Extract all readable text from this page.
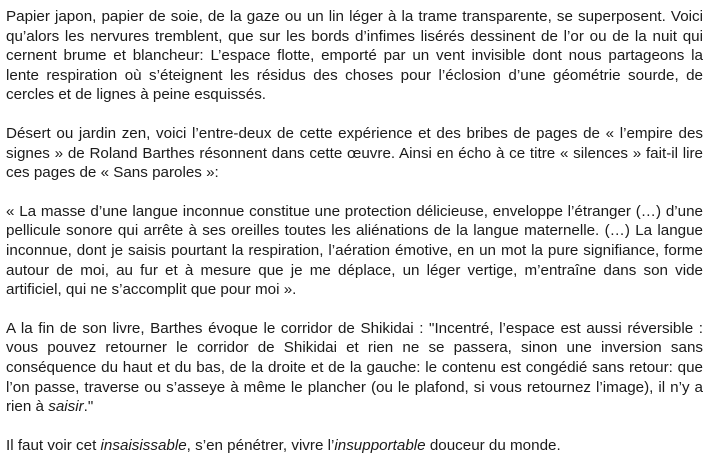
Papier japon, papier de soie, de la gaze ou un lin léger à la trame transparente, se superposent. Voici qu’alors les nervures tremblent, que sur les bords d’infimes lisérés dessinent de l’or ou de la nuit qui cernent brume et blancheur: L’espace flotte, emporté par un vent invisible dont nous partageons la lente respiration où s’éteignent les résidus des choses pour l’éclosion d’une géométrie sourde, de cercles et de lignes à peine esquissés.

Désert ou jardin zen, voici l’entre-deux de cette expérience et des bribes de pages de « l’empire des signes » de Roland Barthes résonnent dans cette œuvre. Ainsi en écho à ce titre « silences » fait-il lire ces pages de « Sans paroles »:

« La masse d’une langue inconnue constitue une protection délicieuse, enveloppe l’étranger (…) d’une pellicule sonore qui arrête à ses oreilles toutes les aliénations de la langue maternelle. (…) La langue inconnue, dont je saisis pourtant la respiration, l’aération émotive, en un mot la pure signifiance, forme autour de moi, au fur et à mesure que je me déplace, un léger vertige, m’entraîne dans son vide artificiel, qui ne s’accomplit que pour moi ».

A la fin de son livre, Barthes évoque le corridor de Shikidai : "Incentré, l’espace est aussi réversible : vous pouvez retourner le corridor de Shikidai et rien ne se passera, sinon une inversion sans conséquence du haut et du bas, de la droite et de la gauche: le contenu est congédié sans retour: que l’on passe, traverse ou s’asseye à même le plancher (ou le plafond, si vous retournez l’image), il n’y a rien à saisir."

Il faut voir cet insaisissable, s’en pénétrer, vivre l’insupportable douceur du monde.
